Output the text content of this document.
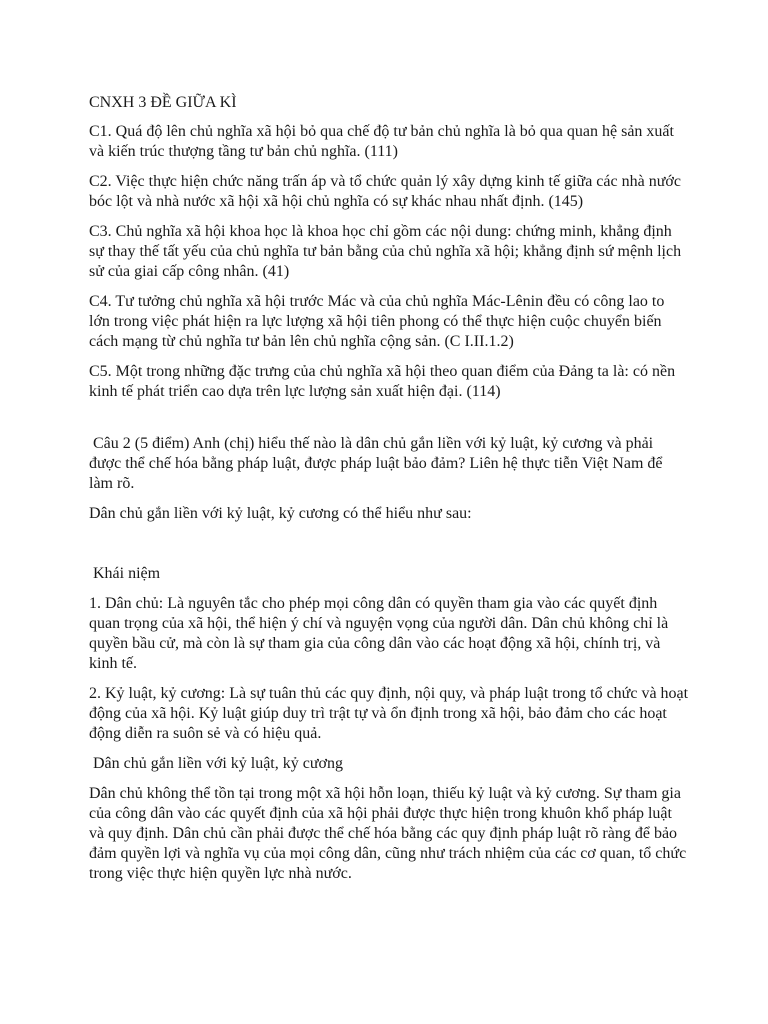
CNXH 3 ĐỀ GIỮA KÌ

C1. Quá độ lên chủ nghĩa xã hội bỏ qua chế độ tư bản chủ nghĩa là bỏ qua quan hệ sản xuất và kiến trúc thượng tầng tư bản chủ nghĩa. (111)

C2. Việc thực hiện chức năng trấn áp và tổ chức quản lý xây dựng kinh tế giữa các nhà nước bóc lột và nhà nước xã hội xã hội chủ nghĩa có sự khác nhau nhất định. (145)

C3. Chủ nghĩa xã hội khoa học là khoa học chỉ gồm các nội dung: chứng minh, khẳng định sự thay thế tất yếu của chủ nghĩa tư bản bằng của chủ nghĩa xã hội; khẳng định sứ mệnh lịch sử của giai cấp công nhân. (41)

C4. Tư tưởng chủ nghĩa xã hội trước Mác và của chủ nghĩa Mác-Lênin đều có công lao to lớn trong việc phát hiện ra lực lượng xã hội tiên phong có thể thực hiện cuộc chuyển biến cách mạng từ chủ nghĩa tư bản lên chủ nghĩa cộng sản. (C I.II.1.2)

C5. Một trong những đặc trưng của chủ nghĩa xã hội theo quan điểm của Đảng ta là: có nền kinh tế phát triển cao dựa trên lực lượng sản xuất hiện đại. (114)

Câu 2 (5 điểm) Anh (chị) hiểu thế nào là dân chủ gắn liền với kỷ luật, kỷ cương và phải được thể chế hóa bằng pháp luật, được pháp luật bảo đảm? Liên hệ thực tiễn Việt Nam để làm rõ.

Dân chủ gắn liền với kỷ luật, kỷ cương có thể hiểu như sau:

Khái niệm

1. Dân chủ: Là nguyên tắc cho phép mọi công dân có quyền tham gia vào các quyết định quan trọng của xã hội, thể hiện ý chí và nguyện vọng của người dân. Dân chủ không chỉ là quyền bầu cử, mà còn là sự tham gia của công dân vào các hoạt động xã hội, chính trị, và kinh tế.

2. Kỷ luật, kỷ cương: Là sự tuân thủ các quy định, nội quy, và pháp luật trong tổ chức và hoạt động của xã hội. Kỷ luật giúp duy trì trật tự và ổn định trong xã hội, bảo đảm cho các hoạt động diễn ra suôn sẻ và có hiệu quả.

Dân chủ gắn liền với kỷ luật, kỷ cương

Dân chủ không thể tồn tại trong một xã hội hỗn loạn, thiếu kỷ luật và kỷ cương. Sự tham gia của công dân vào các quyết định của xã hội phải được thực hiện trong khuôn khổ pháp luật và quy định. Dân chủ cần phải được thể chế hóa bằng các quy định pháp luật rõ ràng để bảo đảm quyền lợi và nghĩa vụ của mọi công dân, cũng như trách nhiệm của các cơ quan, tổ chức trong việc thực hiện quyền lực nhà nước.
